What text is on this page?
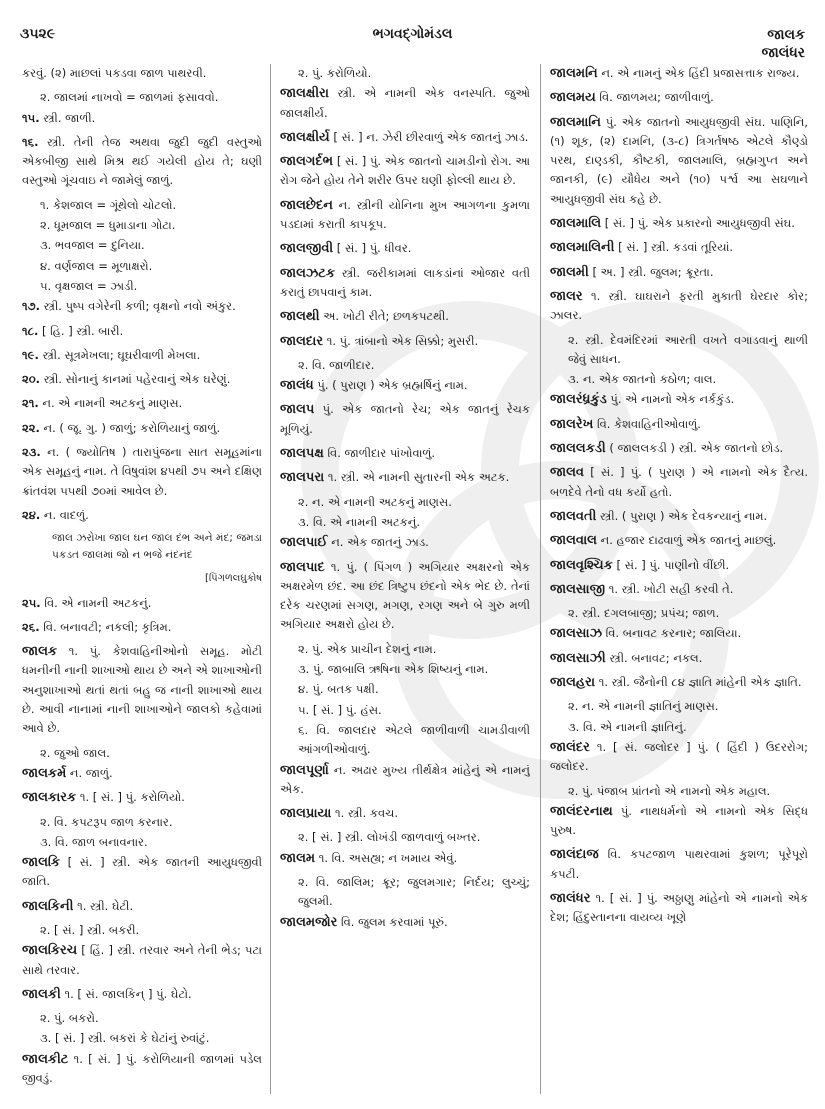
૩૫૨૯	ભગવદ્ગોમંડલ	જાલક
જાલંધર
કરવું. (૨) માછલાં પકડવા જાળ પાથરવી.
૨. જાલમાં નાખવો = જાળમાં ફસાવવો.
૧૫. સ્ત્રી. જાળી.
૧૬. સ્ત્રી. તેની તેજ અથવા જુદી જુદી વસ્તુઓ એકબીજી સાથે મિશ્ર થઈ ગયેલી હોય તે; ઘણી વસ્તુઓ ગૂંચવાઇ ને જામેલું જાળું.
૧. કેશજાલ = ગૂંથેલો ચોટલો.
૨. ધૂમજાલ = ધુમાડાના ગોટા.
૩. ભવજાલ = દુનિયા.
૪. વર્ણજાલ = મૂળાક્ષરો.
૫. વૃક્ષજાલ = ઝાડી.
૧૭. સ્ત્રી. પુષ્પ વગેરેની કળી; વૃક્ષનો નવો અંકુર.
૧૮. [ હિ. ] સ્ત્રી. બારી.
૧૯. સ્ત્રી. સૂત્રમેખલા; ઘૂઘરીવાળી મેખલા.
૨૦. સ્ત્રી. સોનાનું કાનમાં પહેરવાનું એક ઘરેણું.
૨૧. ન. એ નામની અટકનું માણસ.
૨૨. ન. ( જૂ. ગુ. ) જાળું; કરોળિયાનું જાળું.
૨૩. ન. ( જ્યોતિષ ) તારાપુંજના સાત સમૂહમાંના એક સમૂહનું નામ. તે વિષુવાંશ ૪૫થી ૭૫ અને દક્ષિણ ક્રાંતવંશ ૫૫થી ૭૦માં આવેલ છે.
૨૪. ન. વાદળું.
જાલ ઝરોખા જાલ ઘન જાલ દંભ અને મંદ; જમડા પકડત જાલમાં જો ન ભજે નંદનંદ
[પિંગળલઘુકોષ
૨૫. વિ. એ નામની અટકનું.
૨૬. વિ. બનાવટી; નકલી; કૃત્રિમ.
જાલક ૧. પું. કેશવાહિનીઓનો સમૂહ. મોટી ધમનીની નાની શાખાઓ થાય છે અને એ શાખાઓની અનુશાખાઓ થતાં થતાં બહુ જ નાની શાખાઓ થાય છે. આવી નાનામાં નાની શાખાઓને જાલકો કહેવામાં આવે છે.
૨. જુઓ જાલ.
જાલકર્મ ન. જાળું.
જાલકારક ૧. [ સં. ] પું. કરોળિયો.
૨. વિ. કપટરૂપ જાળ કરનાર.
૩. વિ. જાળ બનાવનાર.
જાલકિ [ સં. ] સ્ત્રી. એક જાતની આયુધજીવી જાતિ.
જાલકિની ૧. સ્ત્રી. ઘેટી.
૨. [ સં. ] સ્ત્રી. બકરી.
જાલકિરચ [ હિં. ] સ્ત્રી. તરવાર અને તેની ભેડ; પટા સાથે તરવાર.
જાલકી ૧. [ સં. જાલકિન્ ] પું. ઘેટો.
૨. પું. બકરો.
૩. [ સં. ] સ્ત્રી. બકરાં કે ઘેટાંનું રુવાંટું.
જાલકીટ ૧. [ સં. ] પું. કરોળિયાની જાળમાં પડેલ જીવડું.
૨. પું. કરોળિયો.
જાલક્ષીરા સ્ત્રી. એ નામની એક વનસ્પતિ. જુઓ જાલક્ષીર્ય.
જાલક્ષીર્ય [ સં. ] ન. ઝેરી છીરવાળું એક જાતનું ઝાડ.
જાલગર્દભ [ સં. ] પું. એક જાતનો ચામડીનો રોગ. આ રોગ જેને હોય તેને શરીર ઉપર ઘણી ફોલ્લી થાય છે.
જાલછેદન ન. સ્ત્રીની યોનિના મુખ આગળના કુમળા પડદામાં કરાતી કાપકૂપ.
જાલજીવી [ સં. ] પું. ધીવર.
જાલઝટક સ્ત્રી. જરીકામમાં લાકડાંનાં ઓજાર વતી કરાતું છાપવાનું કામ.
જાલથી અ. ખોટી રીતે; છળકપટથી.
જાલદાર ૧. પું. ત્રાંબાનો એક સિક્કો; મુસરી.
૨. વિ. જાળીદાર.
જાલંધ પું. ( પુરાણ ) એક બ્રહ્મર્ષિનું નામ.
જાલપ પું. એક જાતનો રેચ; એક જાતનું રેચક મૂળિયું.
જાલપક્ષ વિ. જાળીદાર પાંખોવાળું.
જાલપરા ૧. સ્ત્રી. એ નામની સુતારની એક અટક.
૨. ન. એ નામની અટકનું માણસ.
૩. વિ. એ નામની અટકનું.
જાલપાઈ ન. એક જાતનું ઝાડ.
જાલપાદ ૧. પું. ( પિંગળ ) અગિયાર અક્ષરનો એક અક્ષરમેળ છંદ. આ છંદ ત્રિષ્ટુપ છંદનો એક ભેદ છે. તેનાં દરેક ચરણમાં સગણ, મગણ, રગણ અને બે ગુરુ મળી અગિયાર અક્ષરો હોય છે.
૨. પું. એક પ્રાચીન દેશનું નામ.
૩. પું. જાબાલિ ઋષિના એક શિષ્યનું નામ.
૪. પું. બતક પક્ષી.
૫. [ સં. ] પું. હંસ.
૬. વિ. જાલદાર એટલે જાળીવાળી ચામડીવાળી આંગળીઓવાળું.
જાલપૂર્ણા ન. અઢાર મુખ્ય તીર્થક્ષેત્ર માંહેનું એ નામનું એક.
જાલપ્રાયા ૧. સ્ત્રી. કવચ.
૨. [ સં. ] સ્ત્રી. લોખંડી જાળવાળું બખ્તર.
જાલમ ૧. વિ. અસહ્ય; ન ખમાય એવું.
૨. વિ. જાલિમ; ક્રૂર; જુલમગાર; નિર્દય; લુચ્ચું; જુલમી.
જાલમજોર વિ. જુલમ કરવામાં પૂરું.
જાલમનિ ન. એ નામનું એક હિંદી પ્રજાસત્તાક રાજ્ય.
જાલમય વિ. જાળમય; જાળીવાળું.
જાલમાનિ પું. એક જાતનો આયુધજીવી સંઘ. પાણિનિ, (૧) શૂક, (૨) દામનિ, (૩-૮) ત્રિગર્તષષ્ઠ એટલે કૌણ્ડો પરથ, દાણ્ડકી, કૌષ્ટકી, જાલમાલિ, બ્રહ્મગુપ્ત અને જાનકી, (૯) યૌધેય અને (૧૦) પર્શ્વ આ સઘળાને આયુધજીવી સંઘ કહે છે.
જાલમાલિ [ સં. ] પું. એક પ્રકારનો આયુધજીવી સંઘ.
જાલમાલિની [ સં. ] સ્ત્રી. કડવાં તૂરિયાં.
જાલમી [ અ. ] સ્ત્રી. જુલમ; ક્રૂરતા.
જાલર ૧. સ્ત્રી. ઘાઘરાને ફરતી મુકાતી ઘેરદાર કોર; ઝાલર.
૨. સ્ત્રી. દેવમંદિરમાં આરતી વખતે વગાડવાનું થાળી જેવું સાધન.
૩. ન. એક જાતનો કઠોળ; વાલ.
જાલરંધ્રકુંડ પું. એ નામનો એક નર્કકુંડ.
જાલરેખ વિ. કેશવાહિનીઓવાળું.
જાલલકડી ( જાલલકડી ) સ્ત્રી. એક જાતનો છોડ.
જાલવ [ સં. ] પું. ( પુરાણ ) એ નામનો એક દૈત્ય. બળદેવે તેનો વધ કર્યો હતો.
જાલવતી સ્ત્રી. ( પુરાણ ) એક દેવકન્યાનું નામ.
જાલવાલ ન. હજાર દાઢવાળું એક જાતનું માછલું.
જાલવૃશ્ચિક [ સં. ] પું. પાણીનો વીંછી.
જાલસાજી ૧. સ્ત્રી. ખોટી સહી કરવી તે.
૨. સ્ત્રી. દગલબાજી; પ્રપંચ; જાળ.
જાલસાઝ વિ. બનાવટ કરનાર; જાલિયા.
જાલસાઝી સ્ત્રી. બનાવટ; નકલ.
જાલહરા ૧. સ્ત્રી. જૈનોની ૮૪ જ્ઞાતિ માંહેની એક જ્ઞાતિ.
૨. ન. એ નામની જ્ઞાતિનું માણસ.
૩. વિ. એ નામની જ્ઞાતિનું.
જાલંદર ૧. [ સં. જલોદર ] પું. ( હિંદી ) ઉદરરોગ; જલોદર.
૨. પું. પંજાબ પ્રાંતનો એ નામનો એક મહાલ.
જાલંદરનાથ પું. નાથધર્મનો એ નામનો એક સિદ્ધ પુરુષ.
જાલંદાજ વિ. કપટજાળ પાથરવામાં કુશળ; પૂરેપૂરો કપટી.
જાલંધર ૧. [ સં. ] પું. અઠ્ઠાણુ માંહેનો એ નામનો એક દેશ; હિંદુસ્તાનના વાયવ્ય ખૂણે
